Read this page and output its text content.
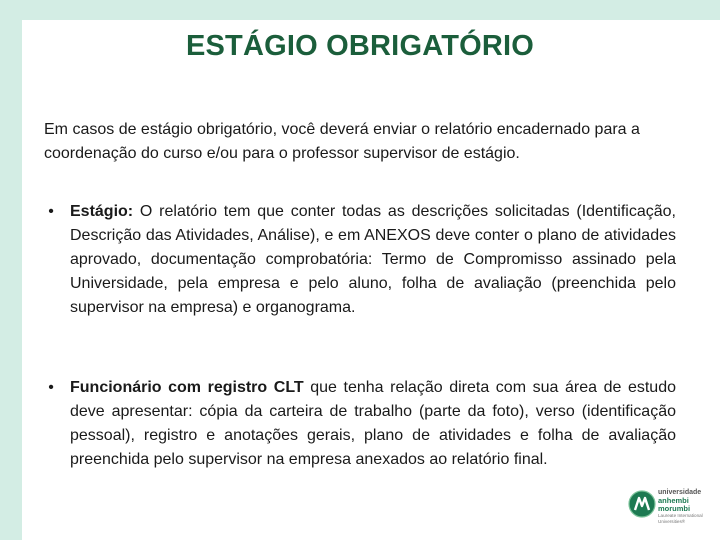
ESTÁGIO OBRIGATÓRIO
Em casos de estágio obrigatório, você deverá enviar o relatório encadernado para a coordenação do curso e/ou para o professor supervisor de estágio.
• Estágio: O relatório tem que conter todas as descrições solicitadas (Identificação, Descrição das Atividades, Análise), e em ANEXOS deve conter o plano de atividades aprovado, documentação comprobatória: Termo de Compromisso assinado pela Universidade, pela empresa e pelo aluno, folha de avaliação (preenchida pelo supervisor na empresa) e organograma.
• Funcionário com registro CLT que tenha relação direta com sua área de estudo deve apresentar: cópia da carteira de trabalho (parte da foto), verso (identificação pessoal), registro e anotações gerais, plano de atividades e folha de avaliação preenchida pelo supervisor na empresa anexados ao relatório final.
universidade
anhembi
morumbi
Laureate International Universities®
